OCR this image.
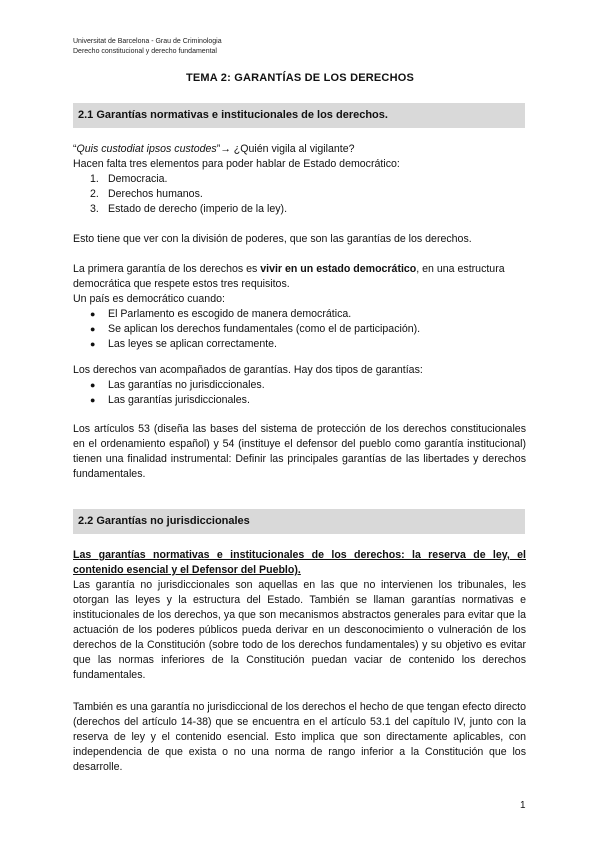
Universitat de Barcelona - Grau de Criminologia
Derecho constitucional y derecho fundamental
TEMA 2: GARANTÍAS DE LOS DERECHOS
2.1 Garantías normativas e institucionales de los derechos.
“Quis custodiat ipsos custodes”→ ¿Quién vigila al vigilante?
Hacen falta tres elementos para poder hablar de Estado democrático:
1. Democracia.
2. Derechos humanos.
3. Estado de derecho (imperio de la ley).
Esto tiene que ver con la división de poderes, que son las garantías de los derechos.
La primera garantía de los derechos es vivir en un estado democrático, en una estructura democrática que respete estos tres requisitos.
Un país es democrático cuando:
● El Parlamento es escogido de manera democrática.
● Se aplican los derechos fundamentales (como el de participación).
● Las leyes se aplican correctamente.
Los derechos van acompañados de garantías. Hay dos tipos de garantías:
● Las garantías no jurisdiccionales.
● Las garantías jurisdiccionales.
Los artículos 53 (diseña las bases del sistema de protección de los derechos constitucionales en el ordenamiento español) y 54 (instituye el defensor del pueblo como garantía institucional) tienen una finalidad instrumental: Definir las principales garantías de las libertades y derechos fundamentales.
2.2 Garantías no jurisdiccionales
Las garantías normativas e institucionales de los derechos: la reserva de ley, el contenido esencial y el Defensor del Pueblo).
Las garantía no jurisdiccionales son aquellas en las que no intervienen los tribunales, les otorgan las leyes y la estructura del Estado. También se llaman garantías normativas e institucionales de los derechos, ya que son mecanismos abstractos generales para evitar que la actuación de los poderes públicos pueda derivar en un desconocimiento o vulneración de los derechos de la Constitución (sobre todo de los derechos fundamentales) y su objetivo es evitar que las normas inferiores de la Constitución puedan vaciar de contenido los derechos fundamentales.
También es una garantía no jurisdiccional de los derechos el hecho de que tengan efecto directo (derechos del artículo 14-38) que se encuentra en el artículo 53.1 del capítulo IV, junto con la reserva de ley y el contenido esencial. Esto implica que son directamente aplicables, con independencia de que exista o no una norma de rango inferior a la Constitución que los desarrolle.
1
